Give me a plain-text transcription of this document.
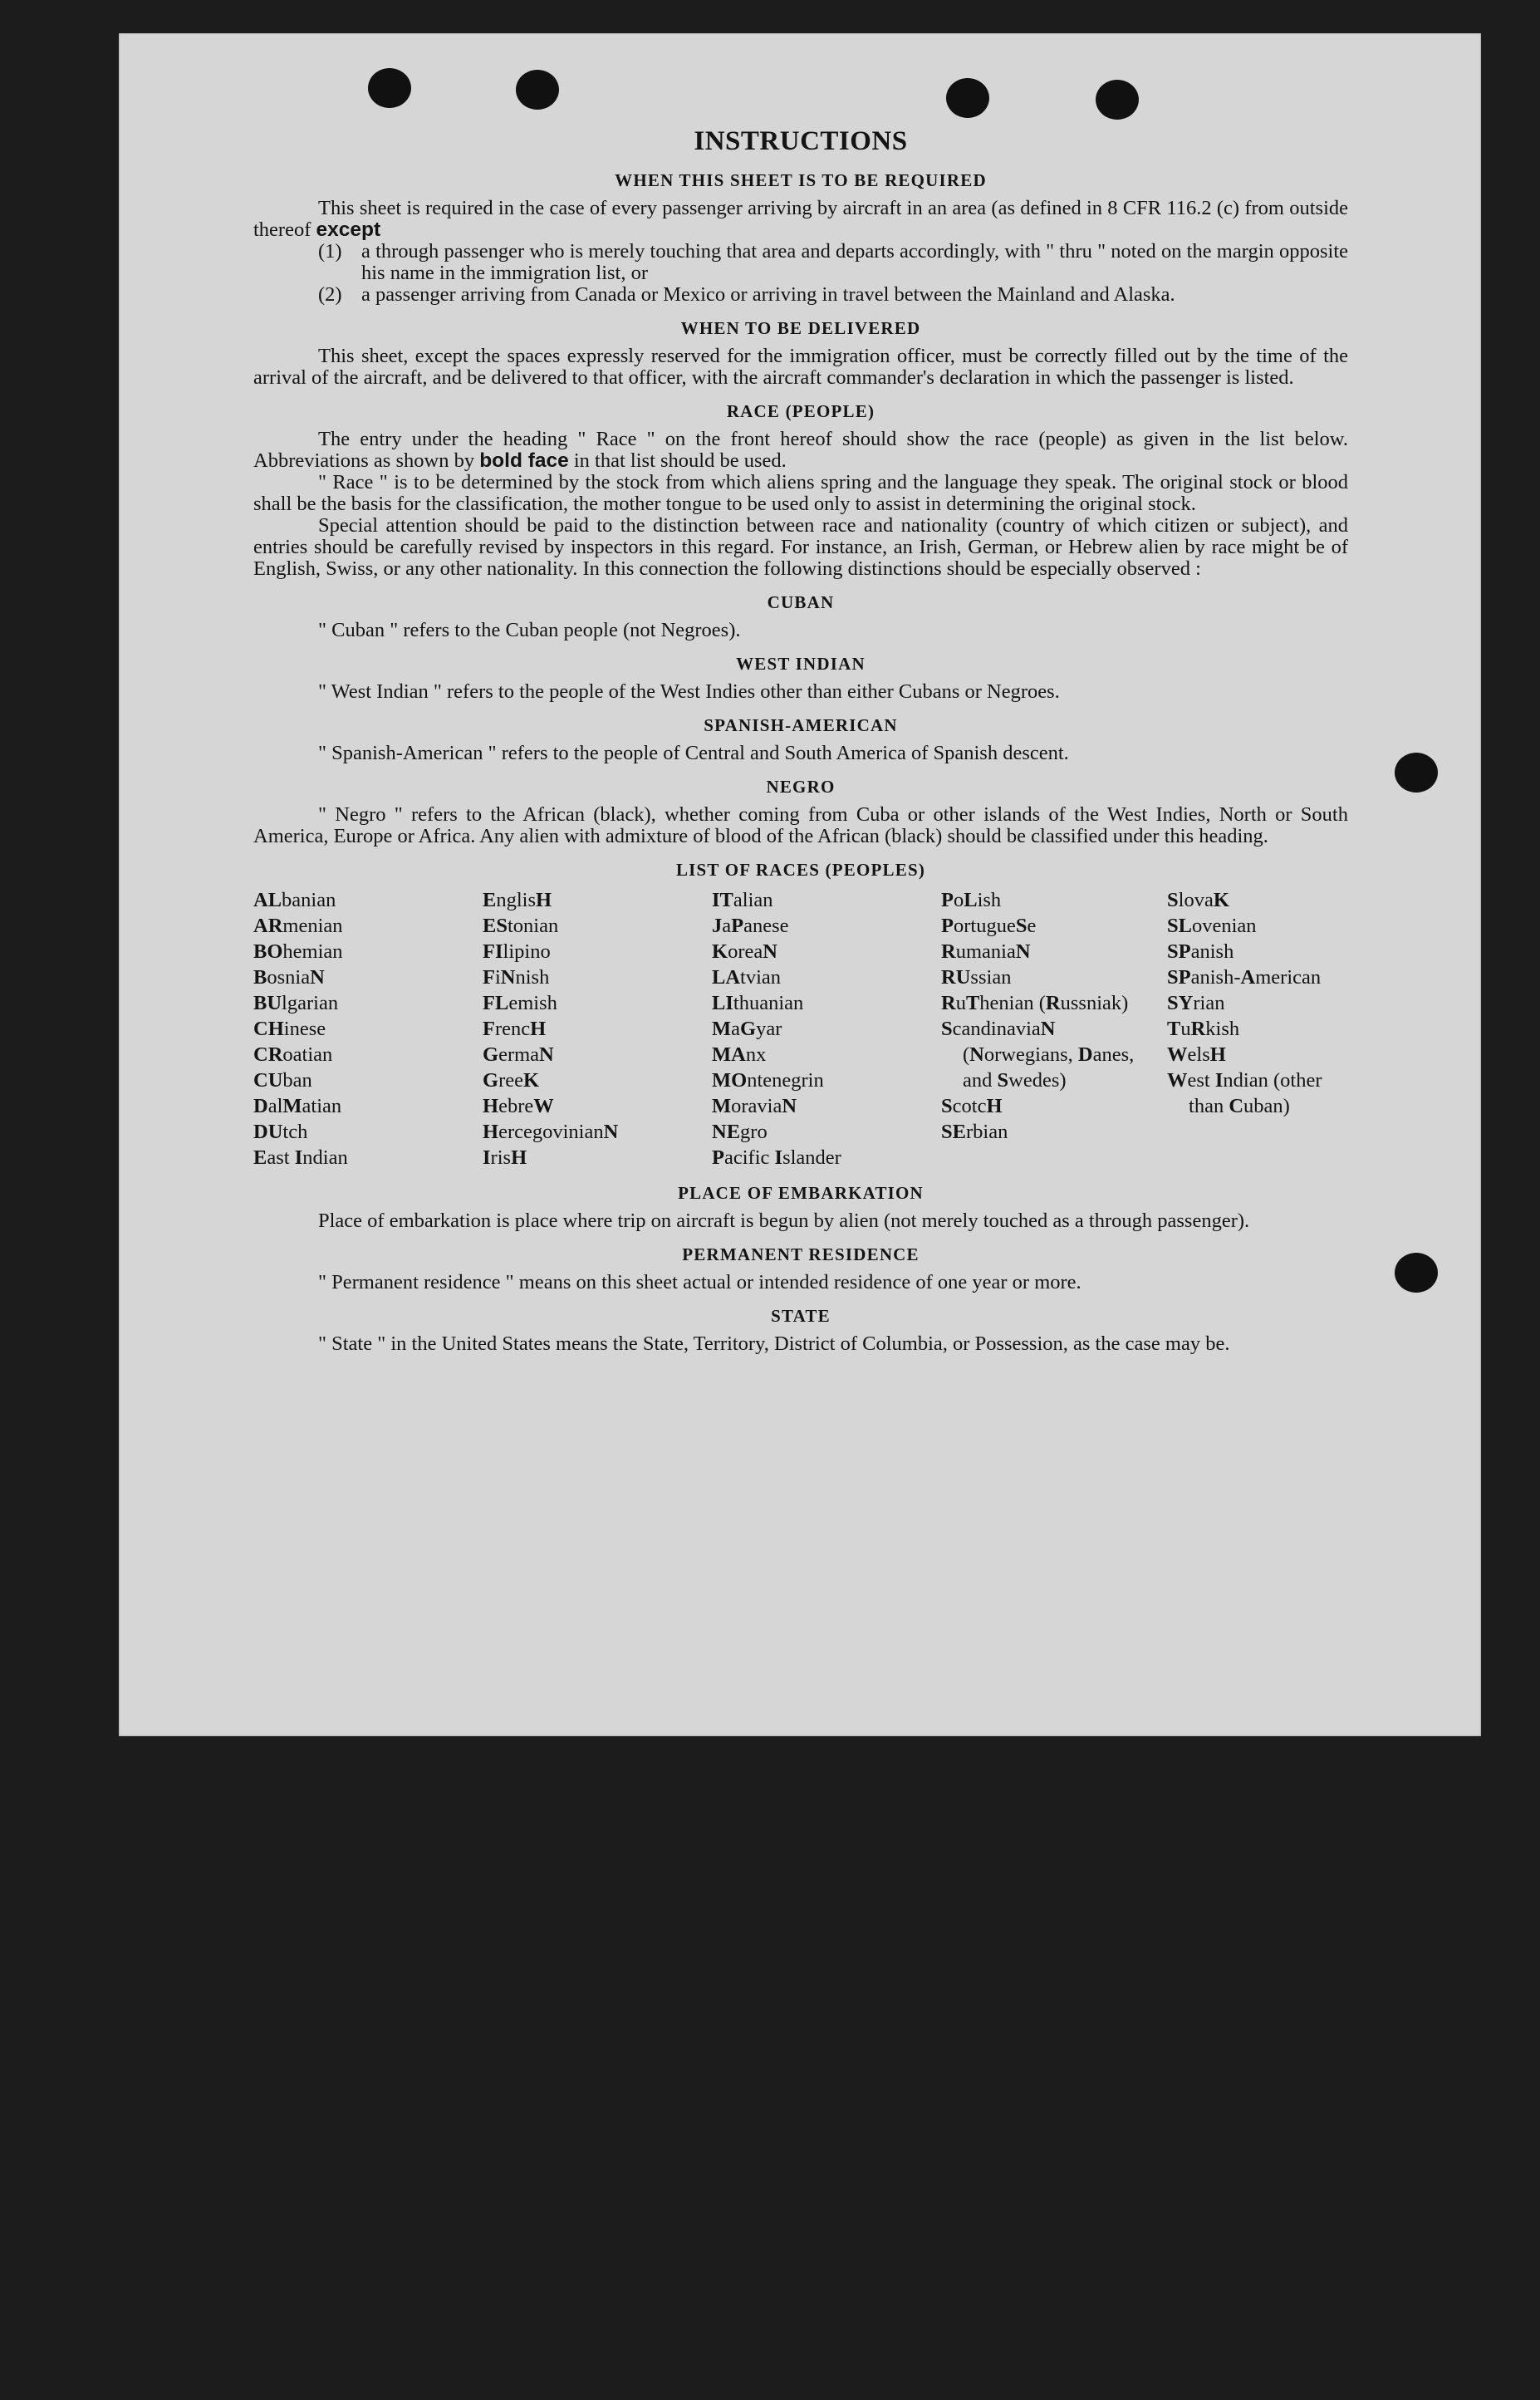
INSTRUCTIONS
WHEN THIS SHEET IS TO BE REQUIRED

This sheet is required in the case of every passenger arriving by aircraft in an area (as defined in 8 CFR 116.2 (c) from outside thereof except

(1) a through passenger who is merely touching that area and departs accordingly, with " thru " noted on the margin opposite his name in the immigration list, or
(2) a passenger arriving from Canada or Mexico or arriving in travel between the Mainland and Alaska.
WHEN TO BE DELIVERED

This sheet, except the spaces expressly reserved for the immigration officer, must be correctly filled out by the time of the arrival of the aircraft, and be delivered to that officer, with the aircraft commander's declaration in which the passenger is listed.

RACE (PEOPLE)

The entry under the heading " Race " on the front hereof should show the race (people) as given in the list below. Abbreviations as shown by bold face in that list should be used.

" Race " is to be determined by the stock from which aliens spring and the language they speak. The original stock or blood shall be the basis for the classification, the mother tongue to be used only to assist in determining the original stock.

Special attention should be paid to the distinction between race and nationality (country of which citizen or subject), and entries should be carefully revised by inspectors in this regard. For instance, an Irish, German, or Hebrew alien by race might be of English, Swiss, or any other nationality. In this connection the following distinctions should be especially observed :

CUBAN

" Cuban " refers to the Cuban people (not Negroes).

WEST INDIAN

" West Indian " refers to the people of the West Indies other than either Cubans or Negroes.

SPANISH-AMERICAN

" Spanish-American " refers to the people of Central and South America of Spanish descent.

NEGRO

" Negro " refers to the African (black), whether coming from Cuba or other islands of the West Indies, North or South America, Europe or Africa. Any alien with admixture of blood of the African (black) should be classified under this heading.

LIST OF RACES (PEOPLES)
ALbanian
ARmenian
BOhemian
BosniaN
BUlgarian
CHinese
CRoatian
CUban
DalMatian
DUtch
East Indian
EnglisH
EStonian
FIlipino
FiNnish
FLemish
FrencH
GermaN
GreeK
HebreW
HercegovinianN
IrisH
ITalian
JaPanese
KoreaN
LAtvian
LIthuanian
MaGyar
MAnx
MOntenegrin
MoraviaN
NEgro
Pacific Islander
PoLish
PortugueSe
RumaniaN
RUssian
RuThenian (Russniak)
ScandinaviaN (Norwegians, Danes, and Swedes)
ScotcH
SErbian
SlovaK
SLovenian
SPanish
SPanish-American
SYrian
TuRkish
WelsH
West Indian (other than Cuban)
PLACE OF EMBARKATION

Place of embarkation is place where trip on aircraft is begun by alien (not merely touched as a through passenger).

PERMANENT RESIDENCE

" Permanent residence " means on this sheet actual or intended residence of one year or more.

STATE

" State " in the United States means the State, Territory, District of Columbia, or Possession, as the case may be.
